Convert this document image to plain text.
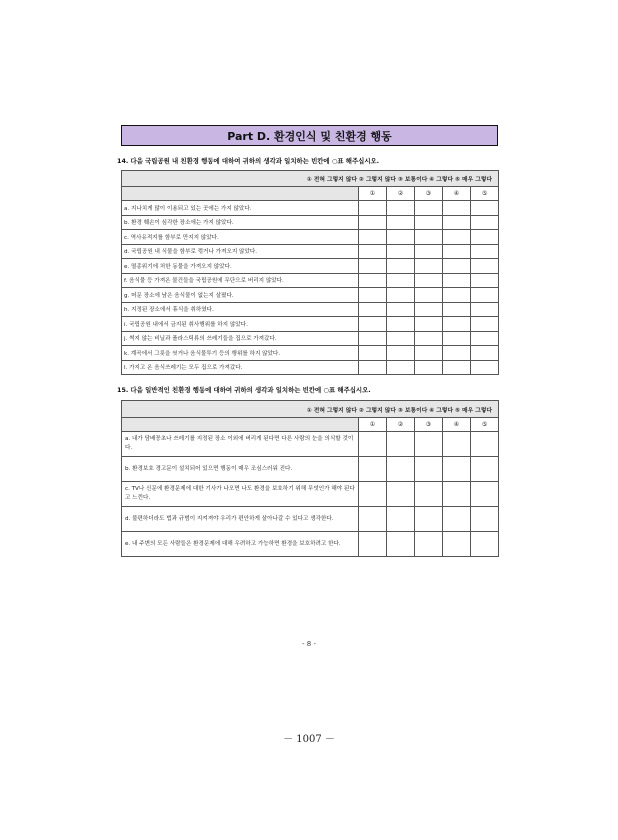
Part D. 환경인식 및 친환경 행동
14. 다음 국립공원 내 친환경 행동에 대하여 귀하의 생각과 일치하는 빈칸에 ○표 해주십시오.
① 전혀 그렇지 않다 ② 그렇지 않다 ③ 보통이다 ④ 그렇다 ⑤ 매우 그렇다					
	①	②	③	④	⑤
a. 지나치게 많이 이용되고 있는 곳에는 가지 않았다.					
b. 환경 훼손이 심각한 장소에는 가지 않았다.					
c. 역사유적지를 함부로 만지지 않았다.					
d. 국립공원 내 식물을 함부로 꺾거나 가져오지 않았다.					
e. 멸종위기에 처한 동물을 가져오지 않았다.					
f. 음식물 등 가져온 물건들을 국립공원에 무단으로 버리지 않았다.					
g. 머문 장소에 남은 음식물이 없는지 살폈다.					
h. 지정된 장소에서 휴식을 취하였다.					
i. 국립공원 내에서 금지된 취사행위를 하지 않았다.					
j. 썩지 않는 비닐과 플라스틱류의 쓰레기들을 집으로 가져갔다.					
k. 계곡에서 그릇을 씻거나 음식물투기 등의 행위를 하지 않았다.					
l. 가지고 온 음식쓰레기는 모두 집으로 가져갔다.					
15. 다음 일반적인 친환경 행동에 대하여 귀하의 생각과 일치하는 빈칸에 ○표 해주십시오.
① 전혀 그렇지 않다 ② 그렇지 않다 ③ 보통이다 ④ 그렇다 ⑤ 매우 그렇다					
	①	②	③	④	⑤
a. 내가 담배꽁초나 쓰레기를 지정된 장소 이외에 버리게 된다면 다른 사람의 눈을 의식할 것이다.					
b. 환경보호 경고문이 설치되어 있으면 행동이 매우 조심스러워 진다.					
c. TV나 신문에 환경문제에 대한 기사가 나오면 나도 환경을 보호하기 위해 무엇인가 해야 된다고 느낀다.					
d. 불편하더라도 법과 규범이 지켜져야 우리가 편안하게 살아나갈 수 있다고 생각한다.					
e. 내 주변의 모든 사람들은 환경문제에 대해 우려하고 가능하면 환경을 보호하려고 한다.					
- 8 -
－ 1007 －
